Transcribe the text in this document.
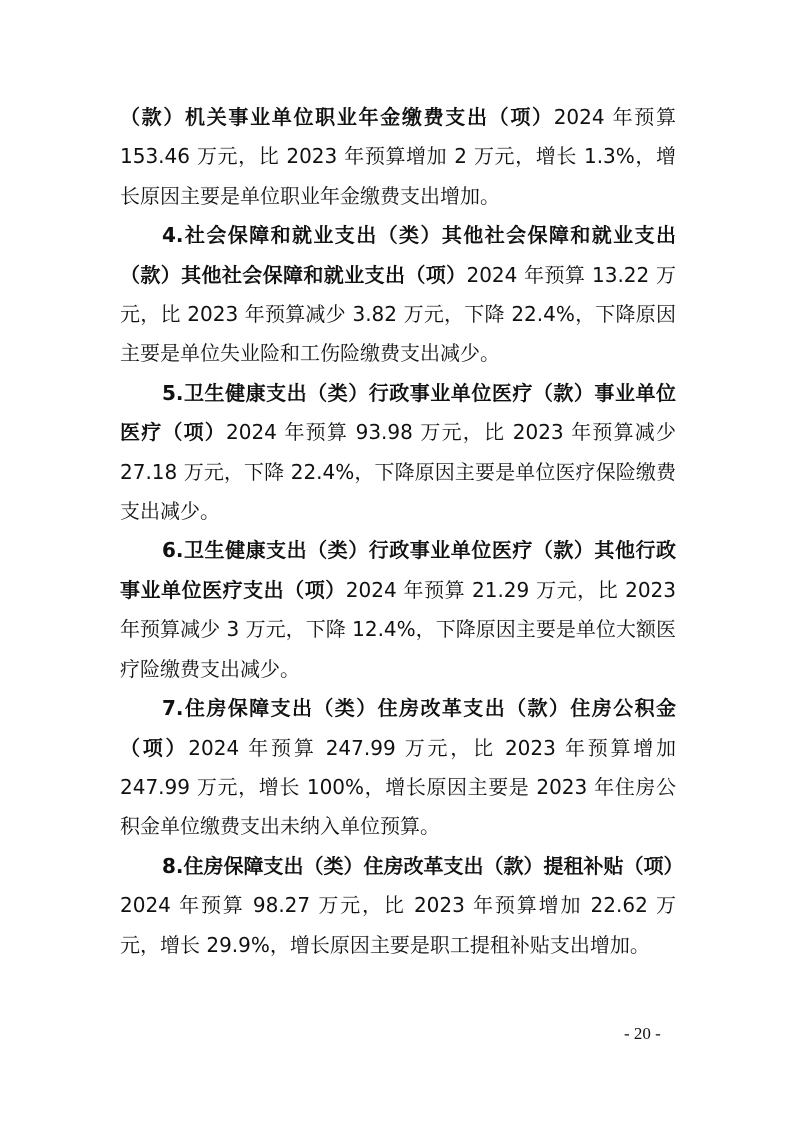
（款）机关事业单位职业年金缴费支出（项）2024 年预算 153.46 万元，比 2023 年预算增加 2 万元，增长 1.3%，增长原因主要是单位职业年金缴费支出增加。

4.社会保障和就业支出（类）其他社会保障和就业支出（款）其他社会保障和就业支出（项）2024 年预算 13.22 万元，比 2023 年预算减少 3.82 万元，下降 22.4%，下降原因主要是单位失业险和工伤险缴费支出减少。

5.卫生健康支出（类）行政事业单位医疗（款）事业单位医疗（项）2024 年预算 93.98 万元，比 2023 年预算减少 27.18 万元，下降 22.4%，下降原因主要是单位医疗保险缴费支出减少。

6.卫生健康支出（类）行政事业单位医疗（款）其他行政事业单位医疗支出（项）2024 年预算 21.29 万元，比 2023 年预算减少 3 万元，下降 12.4%，下降原因主要是单位大额医疗险缴费支出减少。

7.住房保障支出（类）住房改革支出（款）住房公积金（项）2024 年预算 247.99 万元，比 2023 年预算增加 247.99 万元，增长 100%，增长原因主要是 2023 年住房公积金单位缴费支出未纳入单位预算。

8.住房保障支出（类）住房改革支出（款）提租补贴（项）2024 年预算 98.27 万元，比 2023 年预算增加 22.62 万元，增长 29.9%，增长原因主要是职工提租补贴支出增加。

- 20 -
